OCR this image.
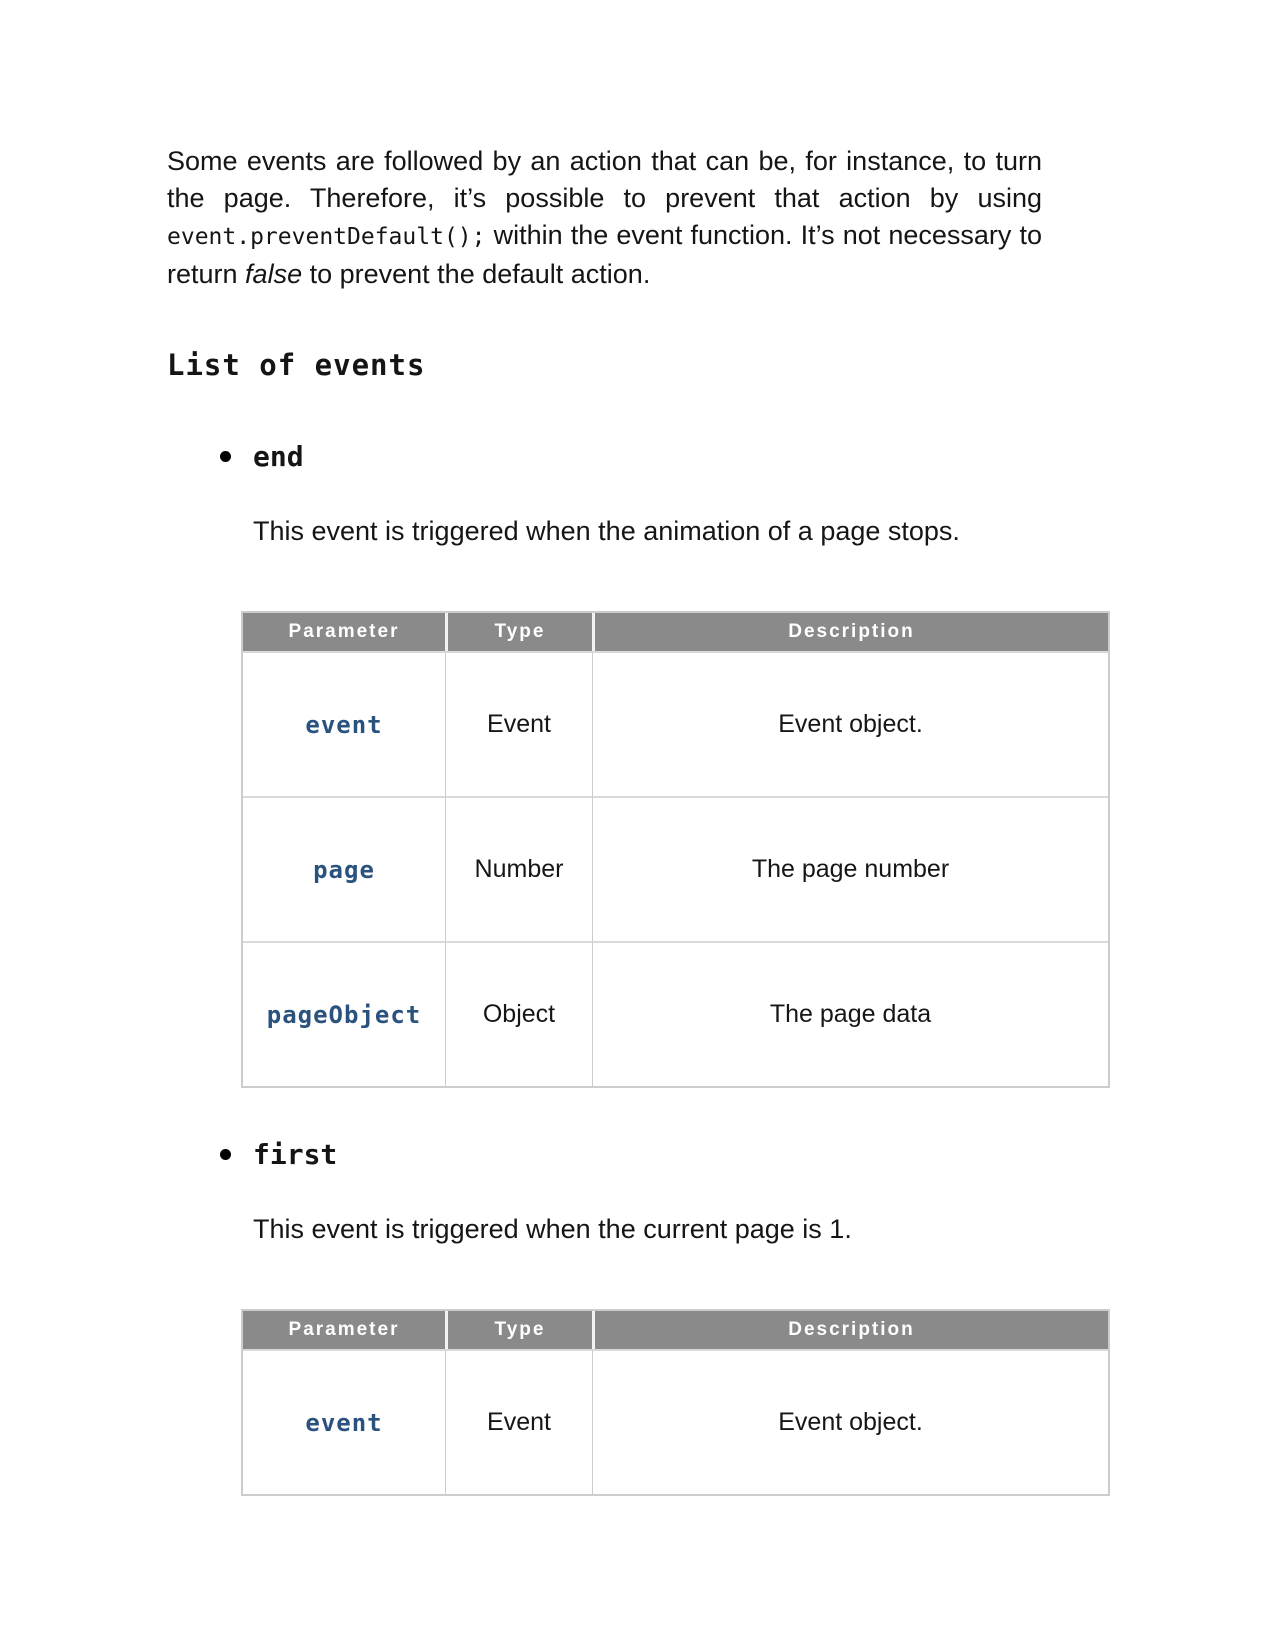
Some events are followed by an action that can be, for instance, to turn the page. Therefore, it’s possible to prevent that action by using event.preventDefault(); within the event function. It’s not necessary to return false to prevent the default action.

List of events
end

This event is triggered when the animation of a page stops.

Parameter	Type	Description
event	Event	Event object.
page	Number	The page number
pageObject	Object	The page data
first

This event is triggered when the current page is 1.

Parameter	Type	Description
event	Event	Event object.
